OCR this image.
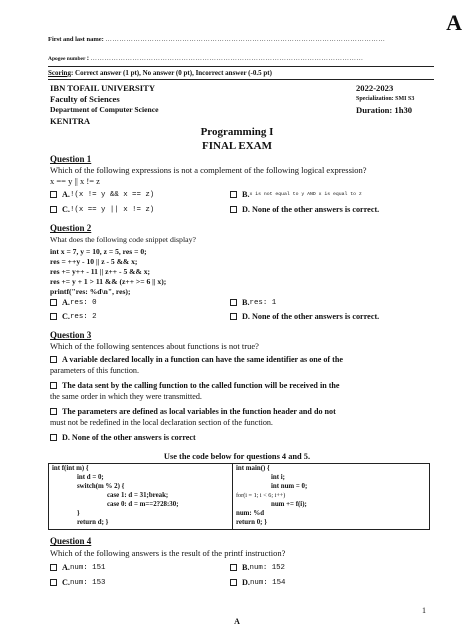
A
First and last name: …………………………………………………………………………………………………………
Apogee number : ………………………………………………………………………………………………………
Scoring: Correct answer (1 pt), No answer (0 pt), Incorrect answer (-0.5 pt)
IBN TOFAIL UNIVERSITY
Faculty of Sciences
Department of Computer Science
KENITRA
2022-2023
Specialization: SMI S3
Duration: 1h30
Programming I
FINAL EXAM
Question 1
Which of the following expressions is not a complement of the following logical expression?
x == y || x != z
A. !(x != y && x == z)	B. x is not equal to y AND x is equal to z
C. !(x == y || x != z)	D. None of the other answers is correct.
Question 2
What does the following code snippet display?
int x = 7, y = 10, z = 5, res = 0;
res = ++y - 10 || z - 5 && x;
res += y++ - 11 || z++ - 5 && x;
res += y + 1 > 11 && (z++ >= 6 || x);
printf("res: %d\n", res);
A. res: 0	B. res: 1
C. res: 2	D. None of the other answers is correct.
Question 3
Which of the following sentences about functions is not true?
A variable declared locally in a function can have the same identifier as one of the
parameters of this function.
The data sent by the calling function to the called function will be received in the
the same order in which they were transmitted.
The parameters are defined as local variables in the function header and do not
must not be redefined in the local declaration section of the function.
D. None of the other answers is correct
Use the code below for questions 4 and 5.
int f(int m) {
int d = 0;
switch(m % 2) {
case 1: d = 31;break;
case 0: d = m==2?28:30;
}
return d; }
int main() {
int i;
int num = 0;
for(i = 1; i < 6; i++)
num += f(i);
num: %d
return 0; }
Question 4
Which of the following answers is the result of the printf instruction?
A. num: 151	B. num: 152
C. num: 153	D. num: 154
1
A
